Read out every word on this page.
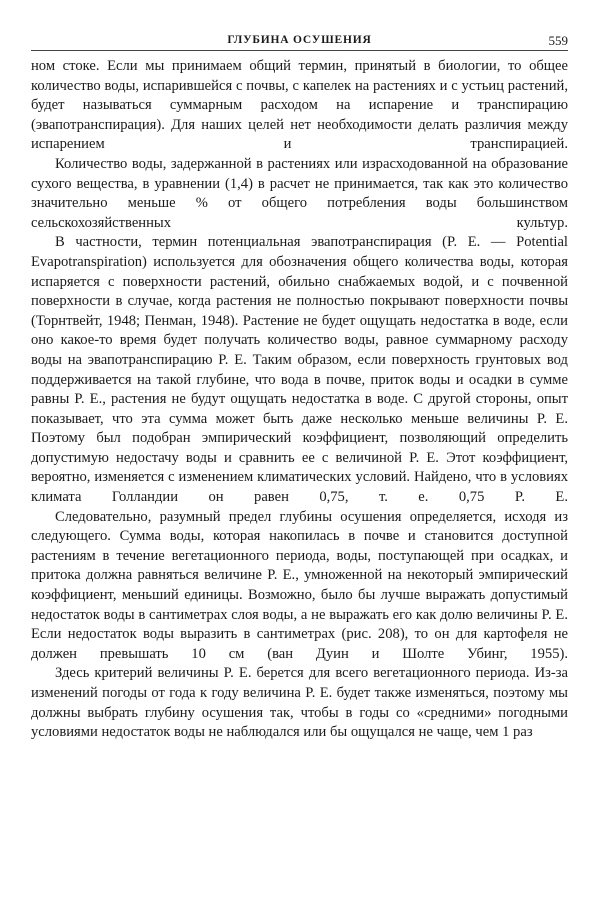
ГЛУБИНА ОСУШЕНИЯ	559

ном стоке. Если мы принимаем общий термин, принятый в биологии, то общее количество воды, испарившейся с почвы, с капелек на растениях и с устьиц растений, будет называться суммарным расходом на испарение и транспирацию (эвапотранспирация). Для наших целей нет необходимости делать различия между испарением и транспирацией.

Количество воды, задержанной в растениях или израсходованной на образование сухого вещества, в уравнении (1,4) в расчет не принимается, так как это количество значительно меньше % от общего потребления воды большинством сельскохозяйственных культур.

В частности, термин потенциальная эвапотранспирация (P. E. — Potential Evapotranspiration) используется для обозначения общего количества воды, которая испаряется с поверхности растений, обильно снабжаемых водой, и с почвенной поверхности в случае, когда растения не полностью покрывают поверхности почвы (Торнтвейт, 1948; Пенман, 1948). Растение не будет ощущать недостатка в воде, если оно какое-то время будет получать количество воды, равное суммарному расходу воды на эвапотранспирацию P. E. Таким образом, если поверхность грунтовых вод поддерживается на такой глубине, что вода в почве, приток воды и осадки в сумме равны P. E., растения не будут ощущать недостатка в воде. С другой стороны, опыт показывает, что эта сумма может быть даже несколько меньше величины P. E. Поэтому был подобран эмпирический коэффициент, позволяющий определить допустимую недостачу воды и сравнить ее с величиной P. E. Этот коэффициент, вероятно, изменяется с изменением климатических условий. Найдено, что в условиях климата Голландии он равен 0,75, т. е. 0,75 P. E.

Следовательно, разумный предел глубины осушения определяется, исходя из следующего. Сумма воды, которая накопилась в почве и становится доступной растениям в течение вегетационного периода, воды, поступающей при осадках, и притока должна равняться величине P. E., умноженной на некоторый эмпирический коэффициент, меньший единицы. Возможно, было бы лучше выражать допустимый недостаток воды в сантиметрах слоя воды, а не выражать его как долю величины P. E. Если недостаток воды выразить в сантиметрах (рис. 208), то он для картофеля не должен превышать 10 см (ван Дуин и Шолте Убинг, 1955).

Здесь критерий величины P. E. берется для всего вегетационного периода. Из-за изменений погоды от года к году величина P. E. будет также изменяться, поэтому мы должны выбрать глубину осушения так, чтобы в годы со «средними» погодными условиями недостаток воды не наблюдался или бы ощущался не чаще, чем 1 раз
